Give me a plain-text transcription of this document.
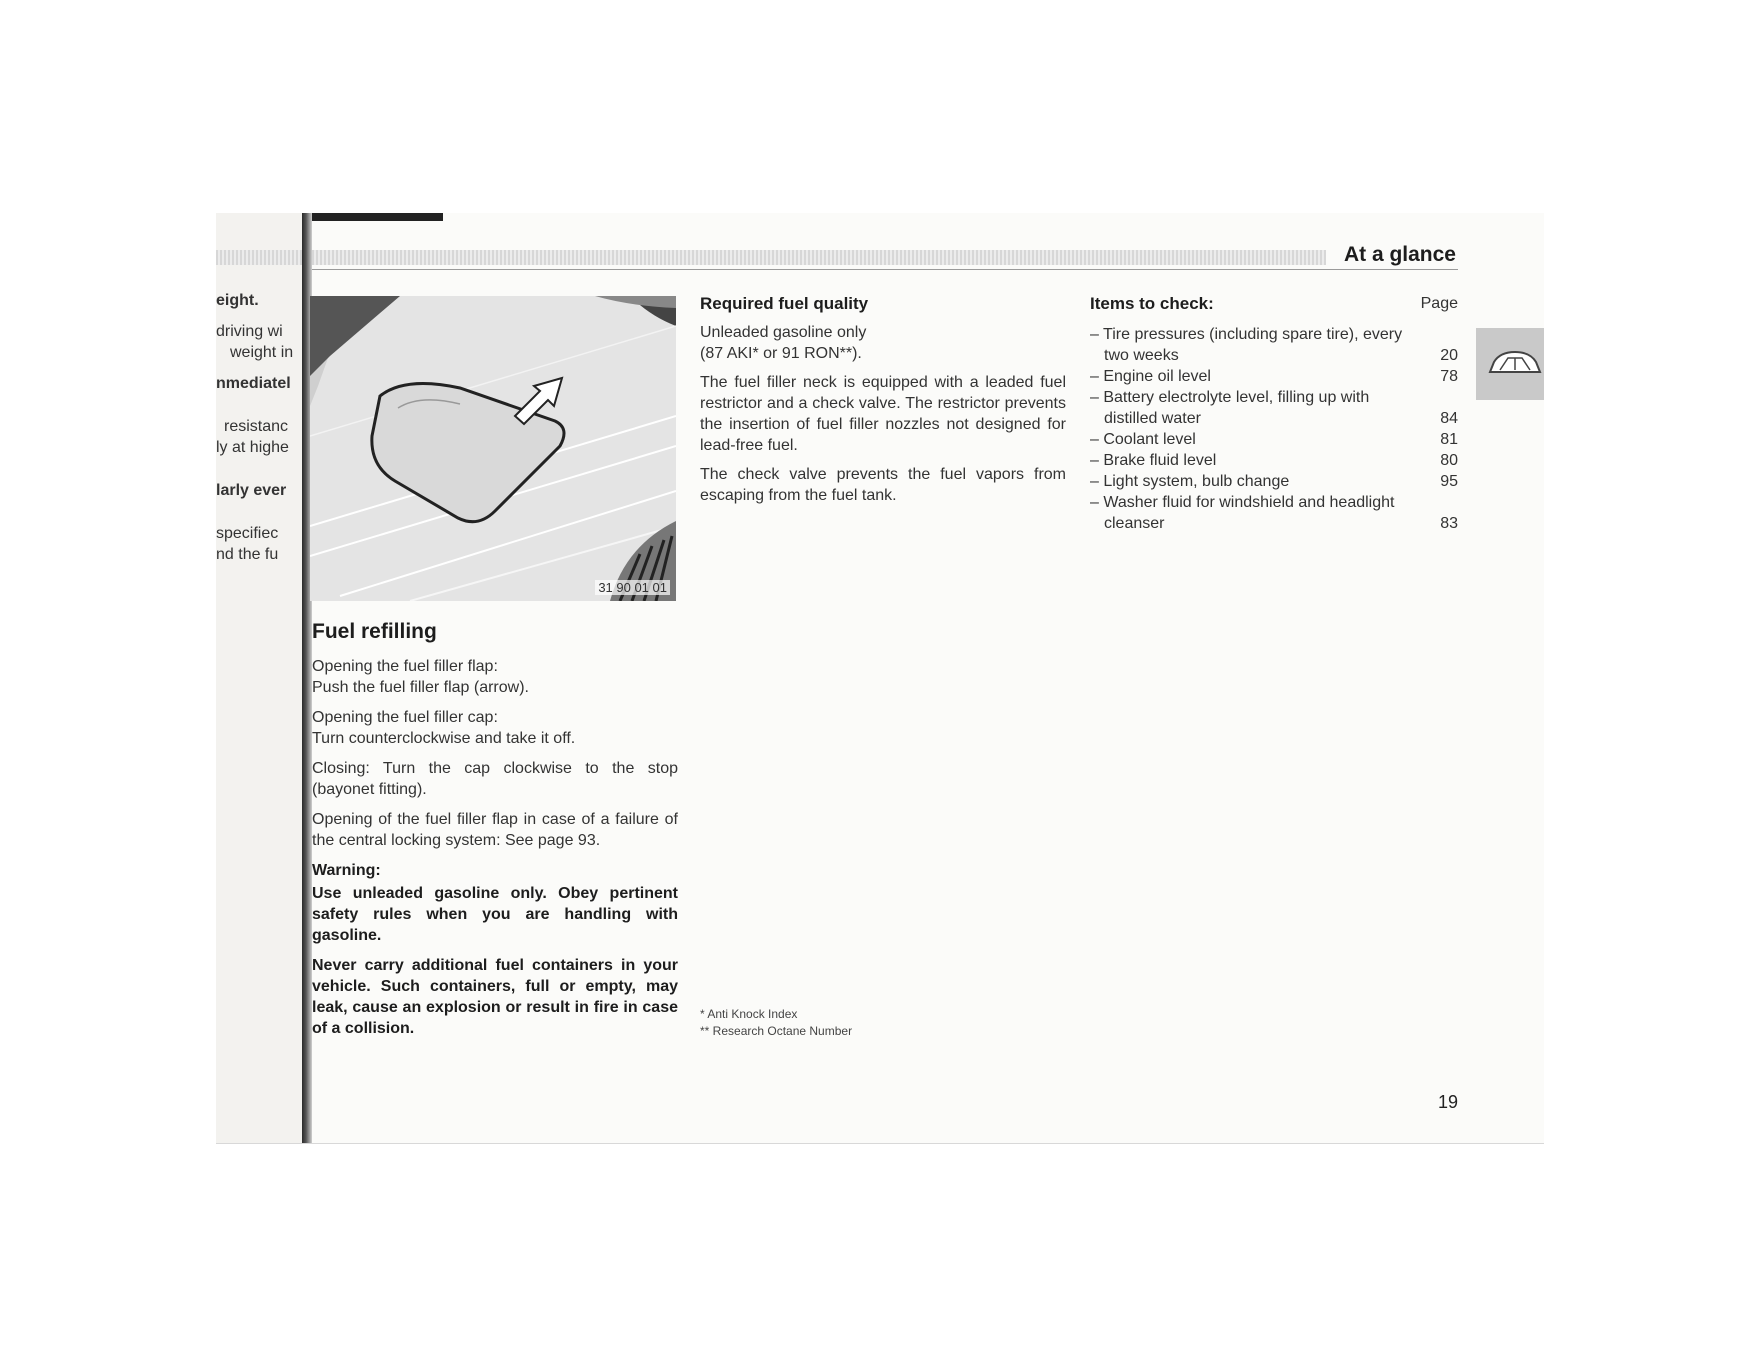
At a glance

eight.

driving wi

weight in

nmediatel

resistanc

ly at highe

larly ever

specifiec

nd the fu

31 90 01 01
Fuel refilling

Opening the fuel filler flap:
Push the fuel filler flap (arrow).

Opening the fuel filler cap:
Turn counterclockwise and take it off.

Closing: Turn the cap clockwise to the stop (bayonet fitting).

Opening of the fuel filler flap in case of a failure of the central locking system: See page 93.

Warning:

Use unleaded gasoline only. Obey pertinent safety rules when you are handling with gasoline.

Never carry additional fuel containers in your vehicle. Such containers, full or empty, may leak, cause an explosion or result in fire in case of a collision.

Required fuel quality

Unleaded gasoline only
(87 AKI* or 91 RON**).

The fuel filler neck is equipped with a leaded fuel restrictor and a check valve. The restrictor prevents the insertion of fuel filler nozzles not designed for lead-free fuel.

The check valve prevents the fuel vapors from escaping from the fuel tank.

* Anti Knock Index
** Research Octane Number
Items to check:	Page
– Tire pressures (including spare tire), every two weeks	20
– Engine oil level	78
– Battery electrolyte level, filling up with distilled water	84
– Coolant level	81
– Brake fluid level	80
– Light system, bulb change	95
– Washer fluid for windshield and headlight cleanser	83
19
